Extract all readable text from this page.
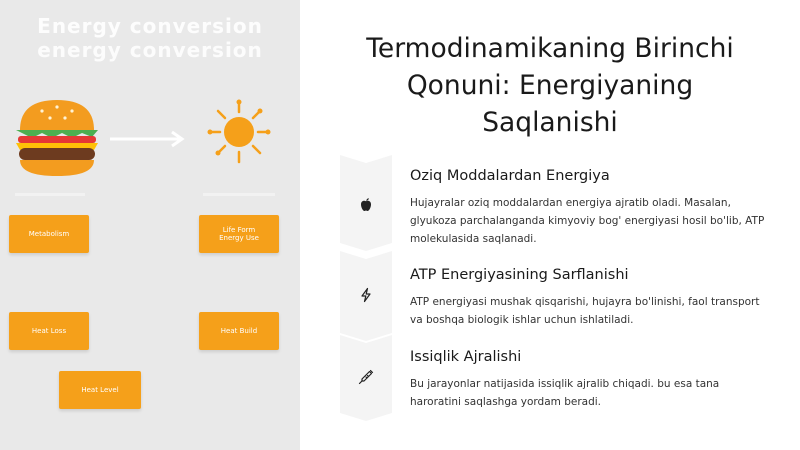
Energy conversion
energy conversion
Metabolism
Life Form
Energy Use
Heat Loss	Heat Build
Heat Level
Termodinamikaning Birinchi Qonuni: Energiyaning Saqlanishi
Oziq Moddalardan Energiya
Hujayralar oziq moddalardan energiya ajratib oladi. Masalan, glyukoza parchalanganda kimyoviy bog' energiyasi hosil bo'lib, ATP molekulasida saqlanadi.
ATP Energiyasining Sarflanishi
ATP energiyasi mushak qisqarishi, hujayra bo'linishi, faol transport va boshqa biologik ishlar uchun ishlatiladi.
Issiqlik Ajralishi
Bu jarayonlar natijasida issiqlik ajralib chiqadi. bu esa tana haroratini saqlashga yordam beradi.
